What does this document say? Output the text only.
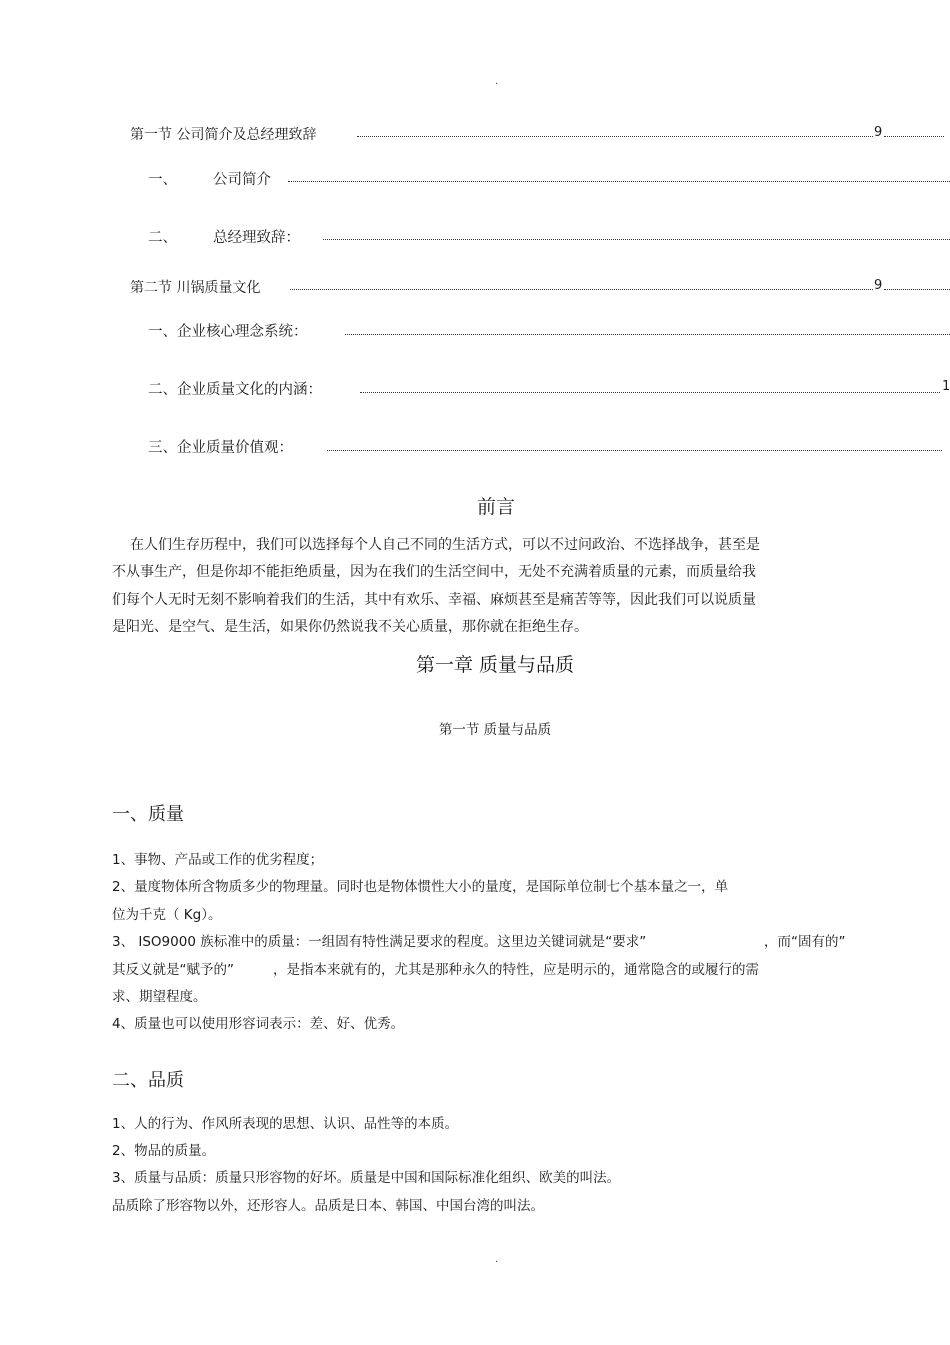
.
.
第一节 公司简介及总经理致辞	9
一、 公司简介
二、 总经理致辞：
第二节 川锅质量文化	9
一、企业核心理念系统：
二、企业质量文化的内涵：	1
三、企业质量价值观：
前言
在人们生存历程中，我们可以选择每个人自己不同的生活方式，可以不过问政治、不选择战争，甚至是
不从事生产，但是你却不能拒绝质量，因为在我们的生活空间中，无处不充满着质量的元素，而质量给我
们每个人无时无刻不影响着我们的生活，其中有欢乐、幸福、麻烦甚至是痛苦等等，因此我们可以说质量
是阳光、是空气、是生活，如果你仍然说我不关心质量，那你就在拒绝生存。
第一章 质量与品质
第一节 质量与品质
一、质量
1、事物、产品或工作的优劣程度；
2、量度物体所含物质多少的物理量。同时也是物体惯性大小的量度，是国际单位制七个基本量之一，单
位为千克（ Kg）。
3、 ISO9000 族标准中的质量：一组固有特性满足要求的程度。这里边关键词就是“要求”	，而“固有的”
其反义就是“赋予的”	，是指本来就有的，尤其是那种永久的特性，应是明示的，通常隐含的或履行的需
求、期望程度。
4、质量也可以使用形容词表示：差、好、优秀。
二、品质
1、人的行为、作风所表现的思想、认识、品性等的本质。
2、物品的质量。
3、质量与品质：质量只形容物的好坏。质量是中国和国际标准化组织、欧美的叫法。
品质除了形容物以外，还形容人。品质是日本、韩国、中国台湾的叫法。
